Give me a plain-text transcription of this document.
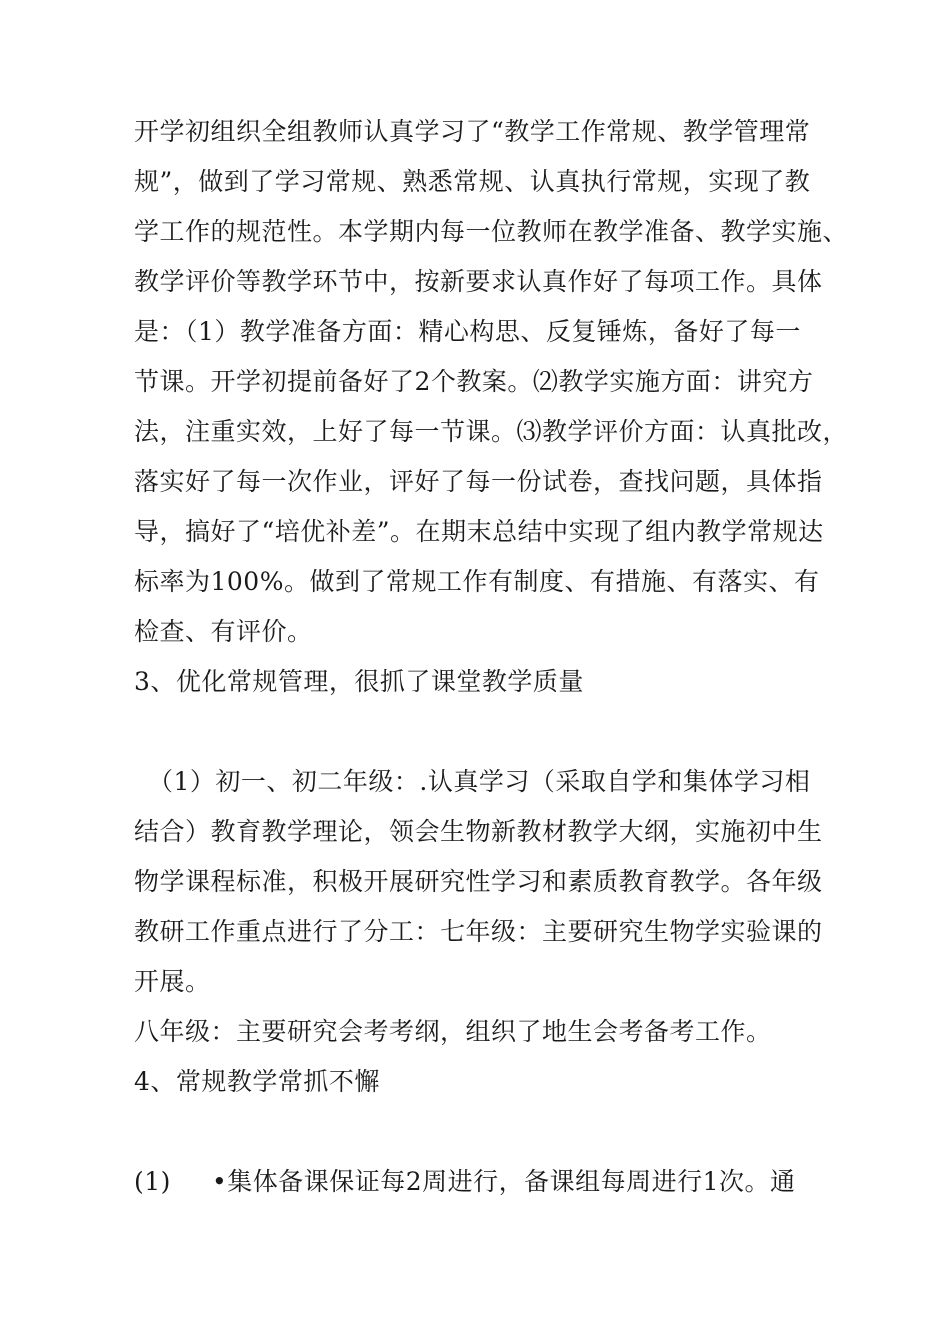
开学初组织全组教师认真学习了“教学工作常规、教学管理常
规”，做到了学习常规、熟悉常规、认真执行常规，实现了教
学工作的规范性。本学期内每一位教师在教学准备、教学实施、
教学评价等教学环节中，按新要求认真作好了每项工作。具体
是：（1）教学准备方面：精心构思、反复锤炼，备好了每一
节课。开学初提前备好了2个教案。⑵教学实施方面：讲究方
法，注重实效，上好了每一节课。⑶教学评价方面：认真批改，
落实好了每一次作业，评好了每一份试卷，查找问题，具体指
导，搞好了“培优补差”。在期末总结中实现了组内教学常规达
标率为100%。做到了常规工作有制度、有措施、有落实、有
检查、有评价。
3、优化常规管理，很抓了课堂教学质量
（1）初一、初二年级：.认真学习（采取自学和集体学习相
结合）教育教学理论，领会生物新教材教学大纲，实施初中生
物学课程标准，积极开展研究性学习和素质教育教学。各年级
教研工作重点进行了分工：七年级：主要研究生物学实验课的
开展。
八年级：主要研究会考考纲，组织了地生会考备考工作。
4、常规教学常抓不懈
(1) •集体备课保证每2周进行，备课组每周进行1次。通
